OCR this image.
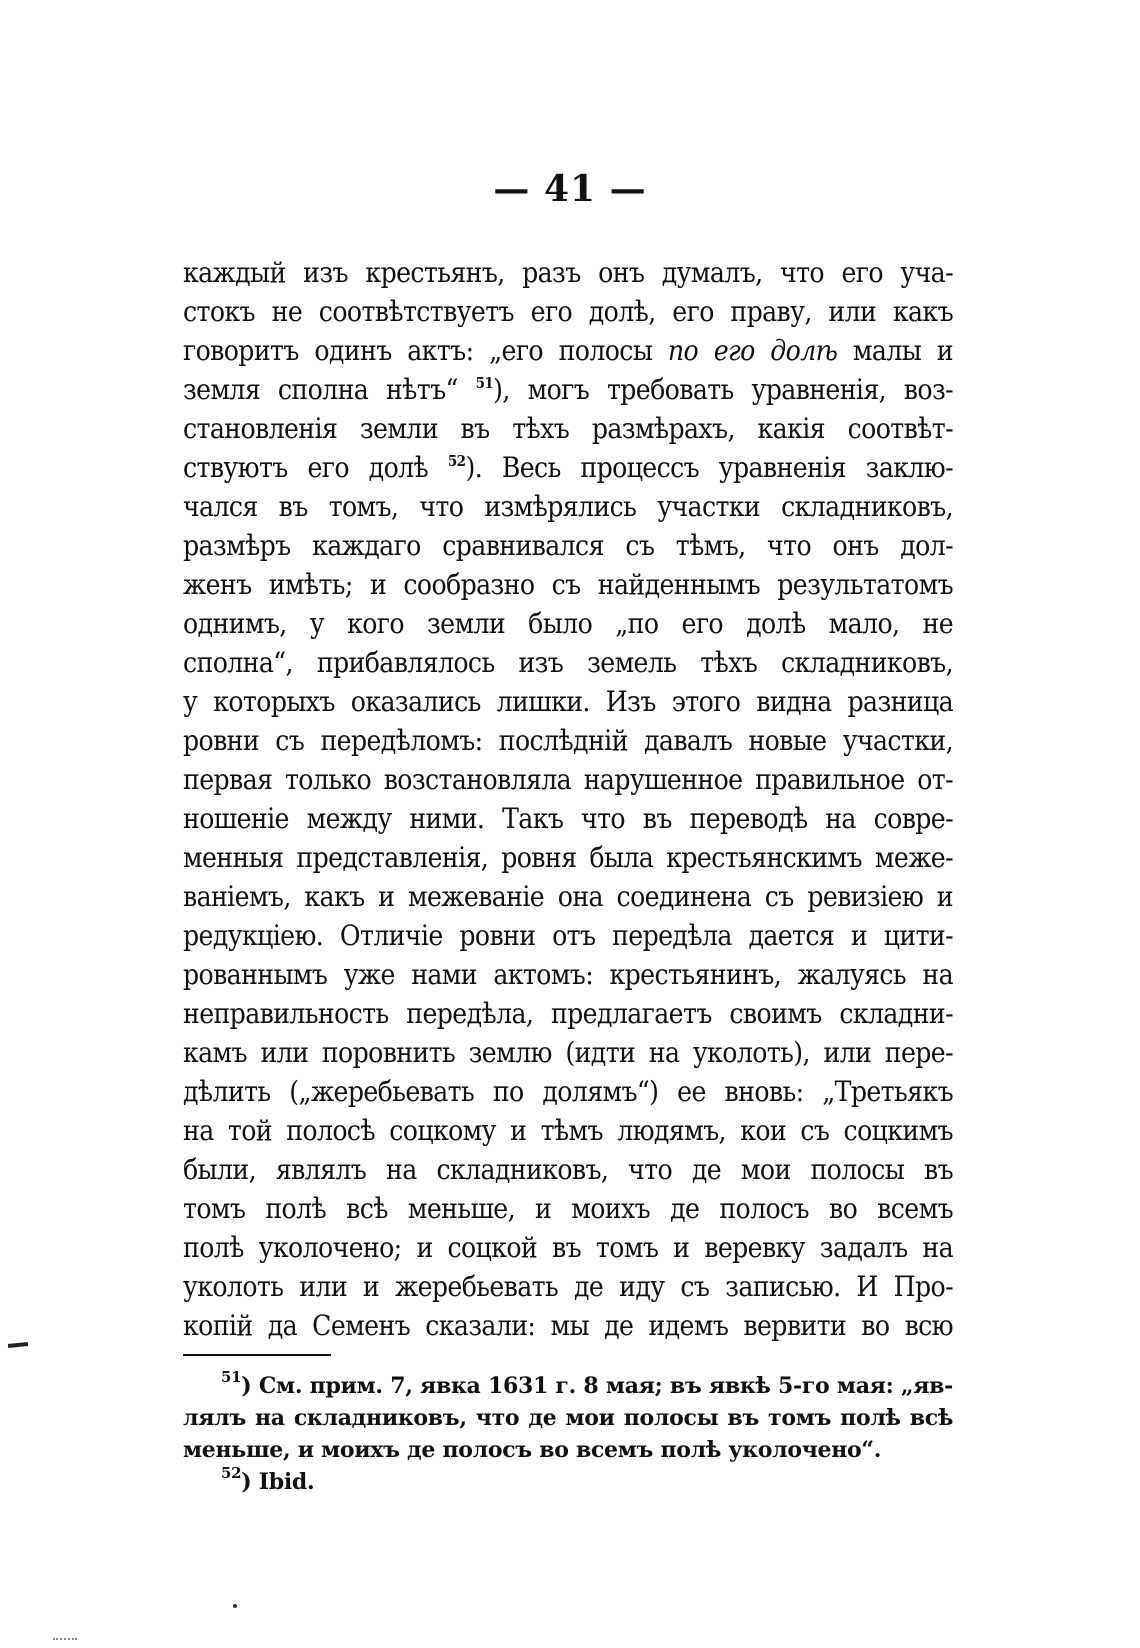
— 41 —
каждый изъ крестьянъ, разъ онъ думалъ, что его уча-
стокъ не соотвѣтствуетъ его долѣ, его праву, или какъ
говоритъ одинъ актъ: „его полосы по его долѣ малы и
земля сполна нѣтъ“ $^{51}$), могъ требовать уравненія, воз-
становленія земли въ тѣхъ размѣрахъ, какія соотвѣт-
ствуютъ его долѣ $^{52}$). Весь процессъ уравненія заклю-
чался въ томъ, что измѣрялись участки складниковъ,
размѣръ каждаго сравнивался съ тѣмъ, что онъ дол-
женъ имѣть; и сообразно съ найденнымъ результатомъ
однимъ, у кого земли было „по его долѣ мало, не
сполна“, прибавлялось изъ земель тѣхъ складниковъ,
у которыхъ оказались лишки. Изъ этого видна разница
ровни съ передѣломъ: послѣдній давалъ новые участки,
первая только возстановляла нарушенное правильное от-
ношеніе между ними. Такъ что въ переводѣ на совре-
менныя представленія, ровня была крестьянскимъ меже-
ваніемъ, какъ и межеваніе она соединена съ ревизіею и
редукціею. Отличіе ровни отъ передѣла дается и цити-
рованнымъ уже нами актомъ: крестьянинъ, жалуясь на
неправильность передѣла, предлагаетъ своимъ складни-
камъ или поровнить землю (идти на уколоть), или пере-
дѣлить („жеребьевать по долямъ“) ее вновь: „Третьякъ
на той полосѣ соцкому и тѣмъ людямъ, кои съ соцкимъ
были, являлъ на складниковъ, что де мои полосы въ
томъ полѣ всѣ меньше, и моихъ де полосъ во всемъ
полѣ уколочено; и соцкой въ томъ и веревку задалъ на
уколоть или и жеребьевать де иду съ записью. И Про-
копій да Семенъ сказали: мы де идемъ вервити во всю
$^{51}$) См. прим. 7, явка 1631 г. 8 мая; въ явкѣ 5-го мая: „яв-
лялъ на складниковъ, что де мои полосы въ томъ полѣ всѣ
меньше, и моихъ де полосъ во всемъ полѣ уколочено“.
$^{52}$) Ibid.
